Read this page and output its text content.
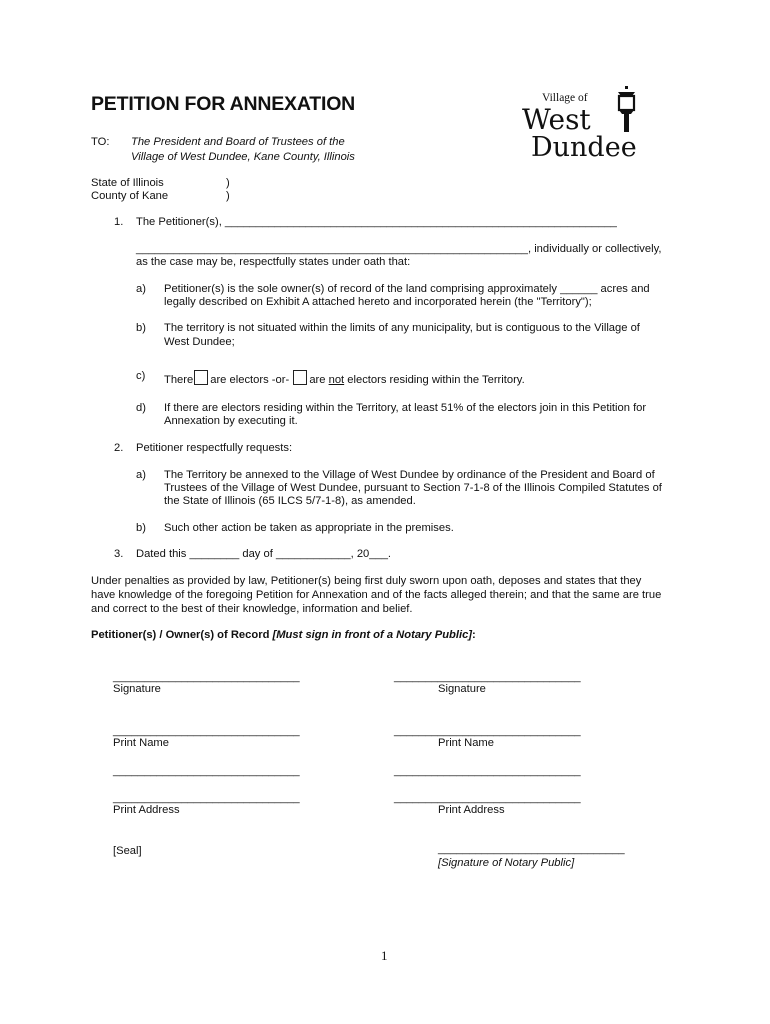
PETITION FOR ANNEXATION
TO: The President and Board of Trustees of the
Village of West Dundee, Kane County, Illinois
Village of
West
Dundee
State of Illinois	)
County of Kane	)
1. The Petitioner(s), _______________________________________________________________
_______________________________________________________________, individually or collectively,
as the case may be, respectfully states under oath that:
a) Petitioner(s) is the sole owner(s) of record of the land comprising approximately ______ acres and
legally described on Exhibit A attached hereto and incorporated herein (the "Territory");
b) The territory is not situated within the limits of any municipality, but is contiguous to the Village of
West Dundee;
c) There are electors -or- are not electors residing within the Territory.
d) If there are electors residing within the Territory, at least 51% of the electors join in this Petition for
Annexation by executing it.
2. Petitioner respectfully requests:
a) The Territory be annexed to the Village of West Dundee by ordinance of the President and Board of
Trustees of the Village of West Dundee, pursuant to Section 7-1-8 of the Illinois Compiled Statutes of
the State of Illinois (65 ILCS 5/7-1-8), as amended.
b) Such other action be taken as appropriate in the premises.
3. Dated this ________ day of ____________, 20___.
Under penalties as provided by law, Petitioner(s) being first duly sworn upon oath, deposes and states that they
have knowledge of the foregoing Petition for Annexation and of the facts alleged therein; and that the same are true
and correct to the best of their knowledge, information and belief.
Petitioner(s) / Owner(s) of Record [Must sign in front of a Notary Public]:
______________________________
Signature
______________________________
Print Name
______________________________
______________________________
Print Address
[Seal]
______________________________
Signature
______________________________
Print Name
______________________________
______________________________
Print Address
______________________________
[Signature of Notary Public]
1
